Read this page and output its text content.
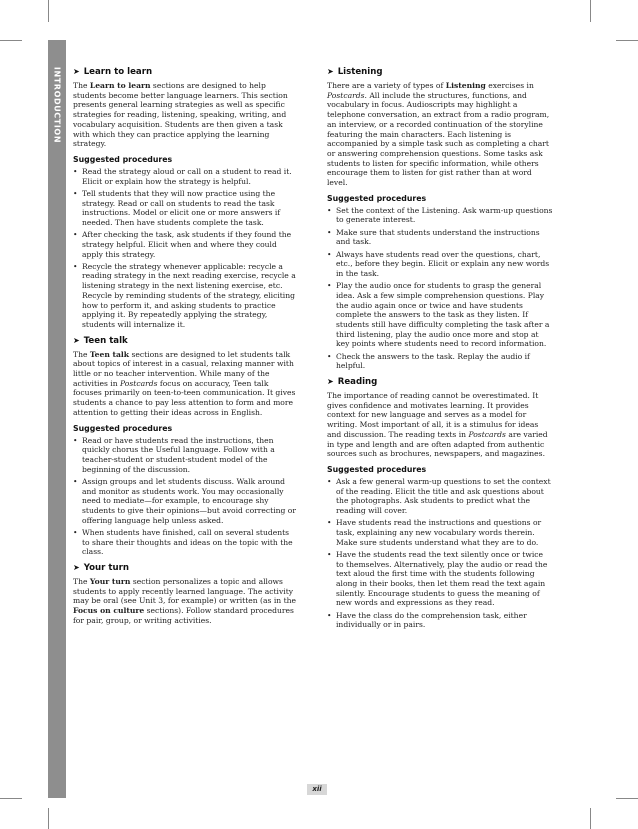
INTRODUCTION ➤ Learn to learn

The Learn to learn sections are designed to help students become better language learners. This section presents general learning strategies as well as specific strategies for reading, listening, speaking, writing, and vocabulary acquisition. Students are then given a task with which they can practice applying the learning strategy.

Suggested procedures
• Read the strategy aloud or call on a student to read it. Elicit or explain how the strategy is helpful.
• Tell students that they will now practice using the strategy. Read or call on students to read the task instructions. Model or elicit one or more answers if needed. Then have students complete the task.
• After checking the task, ask students if they found the strategy helpful. Elicit when and where they could apply this strategy.
• Recycle the strategy whenever applicable: recycle a reading strategy in the next reading exercise, recycle a listening strategy in the next listening exercise, etc. Recycle by reminding students of the strategy, eliciting how to perform it, and asking students to practice applying it. By repeatedly applying the strategy, students will internalize it.
➤ Teen talk

The Teen talk sections are designed to let students talk about topics of interest in a casual, relaxing manner with little or no teacher intervention. While many of the activities in Postcards focus on accuracy, Teen talk focuses primarily on teen-to-teen communication. It gives students a chance to pay less attention to form and more attention to getting their ideas across in English.

Suggested procedures
• Read or have students read the instructions, then quickly chorus the Useful language. Follow with a teacher-student or student-student model of the beginning of the discussion.
• Assign groups and let students discuss. Walk around and monitor as students work. You may occasionally need to mediate—for example, to encourage shy students to give their opinions—but avoid correcting or offering language help unless asked.
• When students have finished, call on several students to share their thoughts and ideas on the topic with the class.
➤ Your turn

The Your turn section personalizes a topic and allows students to apply recently learned language. The activity may be oral (see Unit 3, for example) or written (as in the Focus on culture sections). Follow standard procedures for pair, group, or writing activities.

➤ Listening

There are a variety of types of Listening exercises in Postcards. All include the structures, functions, and vocabulary in focus. Audioscripts may highlight a telephone conversation, an extract from a radio program, an interview, or a recorded continuation of the storyline featuring the main characters. Each listening is accompanied by a simple task such as completing a chart or answering comprehension questions. Some tasks ask students to listen for specific information, while others encourage them to listen for gist rather than at word level.

Suggested procedures
• Set the context of the Listening. Ask warm-up questions to generate interest.
• Make sure that students understand the instructions and task.
• Always have students read over the questions, chart, etc., before they begin. Elicit or explain any new words in the task.
• Play the audio once for students to grasp the general idea. Ask a few simple comprehension questions. Play the audio again once or twice and have students complete the answers to the task as they listen. If students still have difficulty completing the task after a third listening, play the audio once more and stop at key points where students need to record information.
• Check the answers to the task. Replay the audio if helpful.
➤ Reading

The importance of reading cannot be overestimated. It gives confidence and motivates learning. It provides context for new language and serves as a model for writing. Most important of all, it is a stimulus for ideas and discussion. The reading texts in Postcards are varied in type and length and are often adapted from authentic sources such as brochures, newspapers, and magazines.

Suggested procedures
• Ask a few general warm-up questions to set the context of the reading. Elicit the title and ask questions about the photographs. Ask students to predict what the reading will cover.
• Have students read the instructions and questions or task, explaining any new vocabulary words therein. Make sure students understand what they are to do.
• Have the students read the text silently once or twice to themselves. Alternatively, play the audio or read the text aloud the first time with the students following along in their books, then let them read the text again silently. Encourage students to guess the meaning of new words and expressions as they read.
• Have the class do the comprehension task, either individually or in pairs.
xii
